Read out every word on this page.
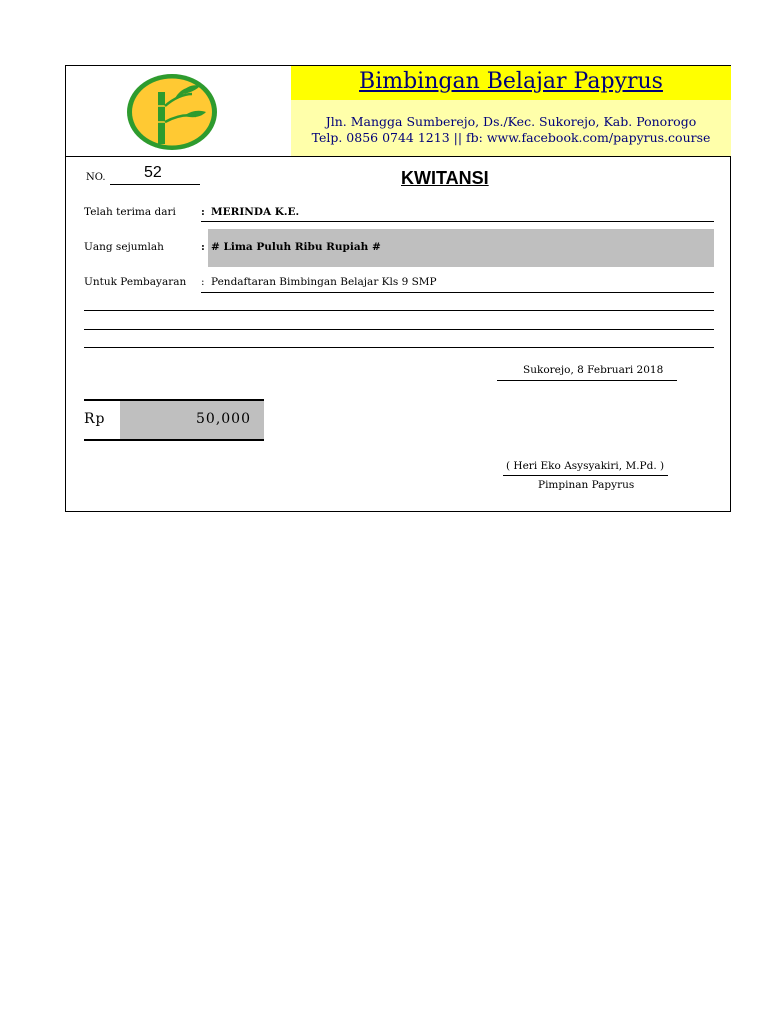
Bimbingan Belajar Papyrus
Jln. Mangga Sumberejo, Ds./Kec. Sukorejo, Kab. Ponorogo
Telp. 0856 0744 1213 || fb: www.facebook.com/papyrus.course
NO. 52	KWITANSI
Telah terima dari : MERINDA K.E.
Uang sejumlah	: # Lima Puluh Ribu Rupiah #
Untuk Pembayaran : Pendaftaran Bimbingan Belajar Kls 9 SMP
Sukorejo, 8 Februari 2018
Rp	50,000
( Heri Eko Asysyakiri, M.Pd. )
Pimpinan Papyrus
